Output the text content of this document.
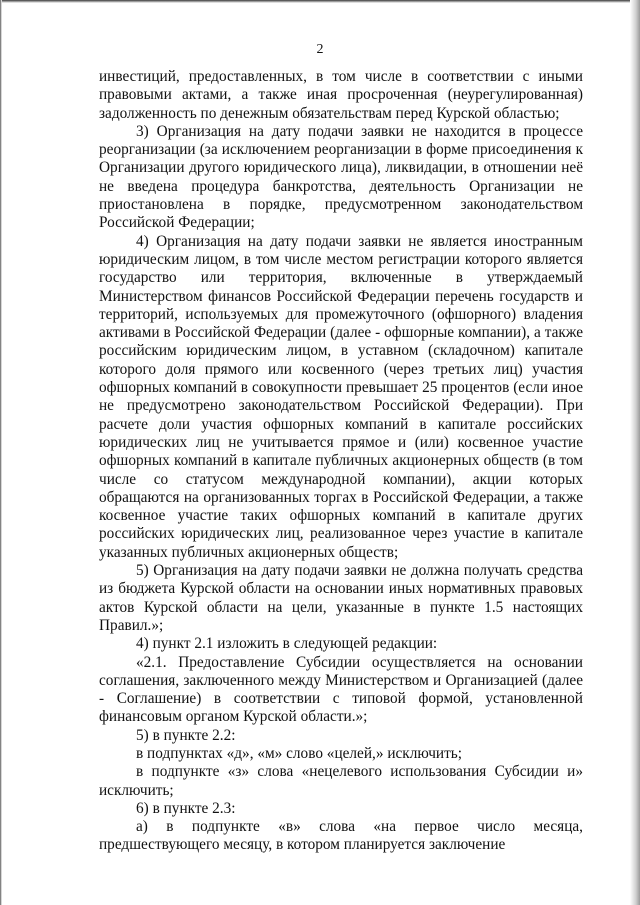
2

инвестиций, предоставленных, в том числе в соответствии с иными правовыми актами, а также иная просроченная (неурегулированная) задолженность по денежным обязательствам перед Курской областью;

3) Организация на дату подачи заявки не находится в процессе реорганизации (за исключением реорганизации в форме присоединения к Организации другого юридического лица), ликвидации, в отношении неё не введена процедура банкротства, деятельность Организации не приостановлена в порядке, предусмотренном законодательством Российской Федерации;

4) Организация на дату подачи заявки не является иностранным юридическим лицом, в том числе местом регистрации которого является государство или территория, включенные в утверждаемый Министерством финансов Российской Федерации перечень государств и территорий, используемых для промежуточного (офшорного) владения активами в Российской Федерации (далее - офшорные компании), а также российским юридическим лицом, в уставном (складочном) капитале которого доля прямого или косвенного (через третьих лиц) участия офшорных компаний в совокупности превышает 25 процентов (если иное не предусмотрено законодательством Российской Федерации). При расчете доли участия офшорных компаний в капитале российских юридических лиц не учитывается прямое и (или) косвенное участие офшорных компаний в капитале публичных акционерных обществ (в том числе со статусом международной компании), акции которых обращаются на организованных торгах в Российской Федерации, а также косвенное участие таких офшорных компаний в капитале других российских юридических лиц, реализованное через участие в капитале указанных публичных акционерных обществ;

5) Организация на дату подачи заявки не должна получать средства из бюджета Курской области на основании иных нормативных правовых актов Курской области на цели, указанные в пункте 1.5 настоящих Правил.»;

4) пункт 2.1 изложить в следующей редакции:

«2.1. Предоставление Субсидии осуществляется на основании соглашения, заключенного между Министерством и Организацией (далее - Соглашение) в соответствии с типовой формой, установленной финансовым органом Курской области.»;

5) в пункте 2.2:

в подпунктах «д», «м» слово «целей,» исключить;

в подпункте «з» слова «нецелевого использования Субсидии и» исключить;

6) в пункте 2.3:

а) в подпункте «в» слова «на первое число месяца, предшествующего месяцу, в котором планируется заключение
